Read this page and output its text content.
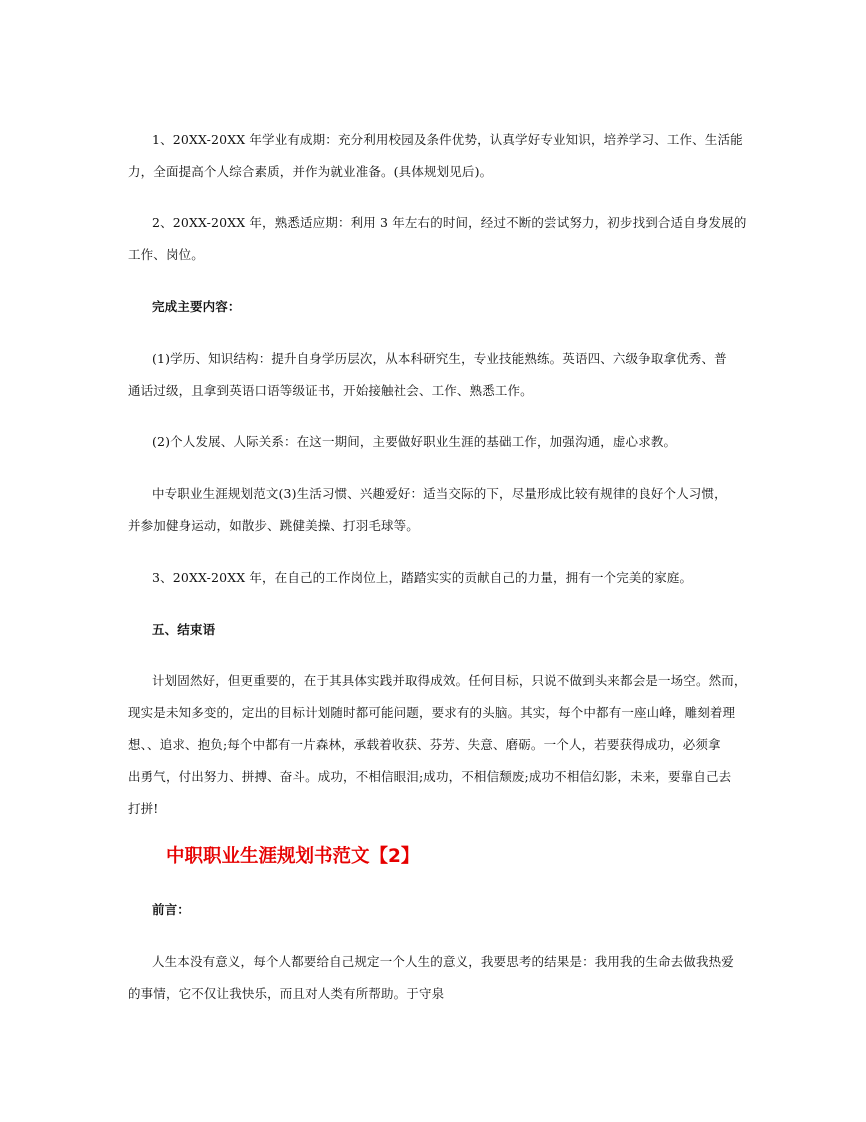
1、20XX-20XX 年学业有成期：充分利用校园及条件优势，认真学好专业知识，培养学习、工作、生活能
力，全面提高个人综合素质，并作为就业准备。(具体规划见后)。
2、20XX-20XX 年，熟悉适应期：利用 3 年左右的时间，经过不断的尝试努力，初步找到合适自身发展的
工作、岗位。
完成主要内容：
(1)学历、知识结构：提升自身学历层次，从本科研究生，专业技能熟练。英语四、六级争取拿优秀、普
通话过级，且拿到英语口语等级证书，开始接触社会、工作、熟悉工作。
(2)个人发展、人际关系：在这一期间，主要做好职业生涯的基础工作，加强沟通，虚心求教。
中专职业生涯规划范文(3)生活习惯、兴趣爱好：适当交际的下，尽量形成比较有规律的良好个人习惯，
并参加健身运动，如散步、跳健美操、打羽毛球等。
3、20XX-20XX 年，在自己的工作岗位上，踏踏实实的贡献自己的力量，拥有一个完美的家庭。
五、结束语
计划固然好，但更重要的，在于其具体实践并取得成效。任何目标，只说不做到头来都会是一场空。然而，
现实是未知多变的，定出的目标计划随时都可能问题，要求有的头脑。其实，每个中都有一座山峰，雕刻着理
想、、追求、抱负;每个中都有一片森林，承载着收获、芬芳、失意、磨砺。一个人，若要获得成功，必须拿
出勇气，付出努力、拼搏、奋斗。成功，不相信眼泪;成功，不相信颓废;成功不相信幻影，未来，要靠自己去
打拼!
中职职业生涯规划书范文【2】
前言：
人生本没有意义，每个人都要给自己规定一个人生的意义，我要思考的结果是：我用我的生命去做我热爱
的事情，它不仅让我快乐，而且对人类有所帮助。于守泉
